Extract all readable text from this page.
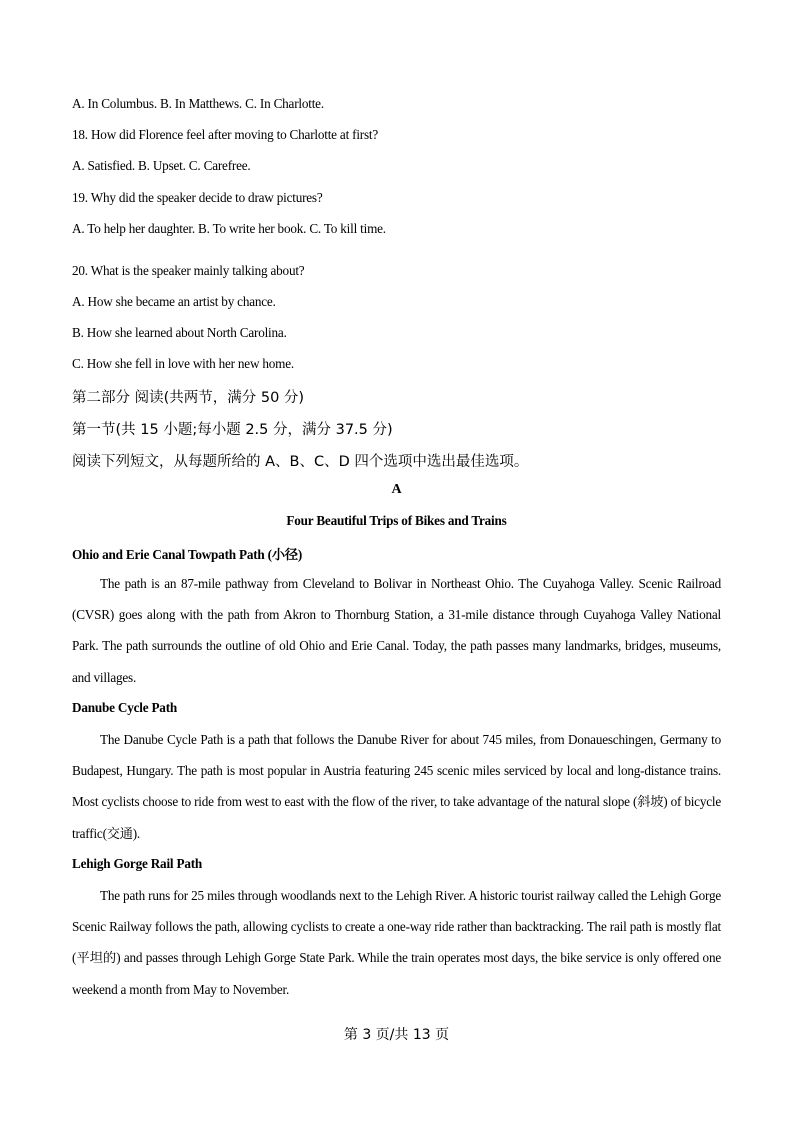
A. In Columbus. B. In Matthews. C. In Charlotte.
18. How did Florence feel after moving to Charlotte at first?
A. Satisfied. B. Upset. C. Carefree.
19. Why did the speaker decide to draw pictures?
A. To help her daughter. B. To write her book. C. To kill time.
20. What is the speaker mainly talking about?
A. How she became an artist by chance.
B. How she learned about North Carolina.
C. How she fell in love with her new home.
第二部分 阅读(共两节，满分 50 分)
第一节(共 15 小题;每小题 2.5 分，满分 37.5 分)
阅读下列短文，从每题所给的 A、B、C、D 四个选项中选出最佳选项。
A
Four Beautiful Trips of Bikes and Trains
Ohio and Erie Canal Towpath Path (小径)
The path is an 87-mile pathway from Cleveland to Bolivar in Northeast Ohio. The Cuyahoga Valley. Scenic Railroad (CVSR) goes along with the path from Akron to Thornburg Station, a 31-mile distance through Cuyahoga Valley National Park. The path surrounds the outline of old Ohio and Erie Canal. Today, the path passes many landmarks, bridges, museums, and villages.
Danube Cycle Path
The Danube Cycle Path is a path that follows the Danube River for about 745 miles, from Donaueschingen, Germany to Budapest, Hungary. The path is most popular in Austria featuring 245 scenic miles serviced by local and long-distance trains. Most cyclists choose to ride from west to east with the flow of the river, to take advantage of the natural slope (斜坡) of bicycle traffic(交通).
Lehigh Gorge Rail Path
The path runs for 25 miles through woodlands next to the Lehigh River. A historic tourist railway called the Lehigh Gorge Scenic Railway follows the path, allowing cyclists to create a one-way ride rather than backtracking. The rail path is mostly flat (平坦的) and passes through Lehigh Gorge State Park. While the train operates most days, the bike service is only offered one weekend a month from May to November.
第 3 页/共 13 页
